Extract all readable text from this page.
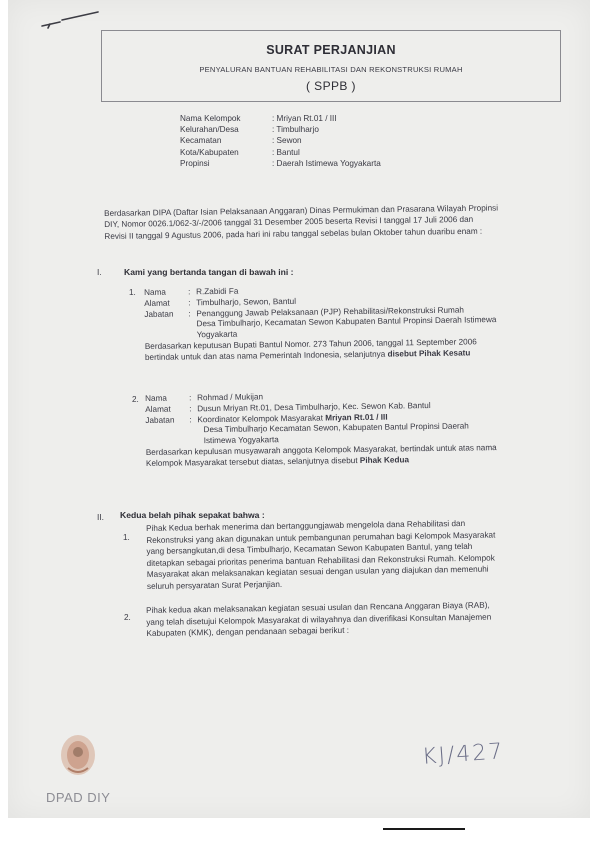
SURAT PERJANJIAN
PENYALURAN BANTUAN REHABILITASI DAN REKONSTRUKSI RUMAH
( SPPB )
Nama Kelompok	: Mriyan Rt.01 / III
Kelurahan/Desa	: Timbulharjo
Kecamatan	: Sewon
Kota/Kabupaten	: Bantul
Propinsi	: Daerah Istimewa Yogyakarta
Berdasarkan DIPA (Daftar Isian Pelaksanaan Anggaran) Dinas Permukiman dan Prasarana Wilayah Propinsi
DIY, Nomor 0026.1/062-3/-/2006 tanggal 31 Desember 2005 beserta Revisi I tanggal 17 Juli 2006 dan
Revisi II tanggal 9 Agustus 2006, pada hari ini rabu tanggal sebelas bulan Oktober tahun duaribu enam :
I.	Kami yang bertanda tangan di bawah ini :
1. Nama	: R.Zabidi Fa
Alamat : Timbulharjo, Sewon, Bantul
Jabatan : Penanggung Jawab Pelaksanaan (PJP) Rehabilitasi/Rekonstruksi Rumah
Desa Timbulharjo, Kecamatan Sewon Kabupaten Bantul Propinsi Daerah Istimewa
Yogyakarta
Berdasarkan keputusan Bupati Bantul Nomor. 273 Tahun 2006, tanggal 11 September 2006
bertindak untuk dan atas nama Pemerintah Indonesia, selanjutnya disebut Pihak Kesatu
2. Nama	: Rohmad / Mukijan
Alamat : Dusun Mriyan Rt.01, Desa Timbulharjo, Kec. Sewon Kab. Bantul
Jabatan : Koordinator Kelompok Masyarakat Mriyan Rt.01 / III
Desa Timbulharjo Kecamatan Sewon, Kabupaten Bantul Propinsi Daerah
Istimewa Yogyakarta
Berdasarkan kepulusan musyawarah anggota Kelompok Masyarakat, bertindak untuk atas nama
Kelompok Masyarakat tersebut diatas, selanjutnya disebut Pihak Kedua
II. Kedua belah pihak sepakat bahwa :
1.
Pihak Kedua berhak menerima dan bertanggungjawab mengelola dana Rehabilitasi dan
Rekonstruksi yang akan digunakan untuk pembangunan perumahan bagi Kelompok Masyarakat
yang bersangkutan,di desa Timbulharjo, Kecamatan Sewon Kabupaten Bantul, yang telah
ditetapkan sebagai prioritas penerima bantuan Rehabilitasi dan Rekonstruksi Rumah. Kelompok
Masyarakat akan melaksanakan kegiatan sesuai dengan usulan yang diajukan dan memenuhi
seluruh persyaratan Surat Perjanjian.
2.
Pihak kedua akan melaksanakan kegiatan sesuai usulan dan Rencana Anggaran Biaya (RAB),
yang telah disetujui Kelompok Masyarakat di wilayahnya dan diverifikasi Konsultan Manajemen
Kabupaten (KMK), dengan pendanaan sebagai berikut :
KJ/427
DPAD DIY
